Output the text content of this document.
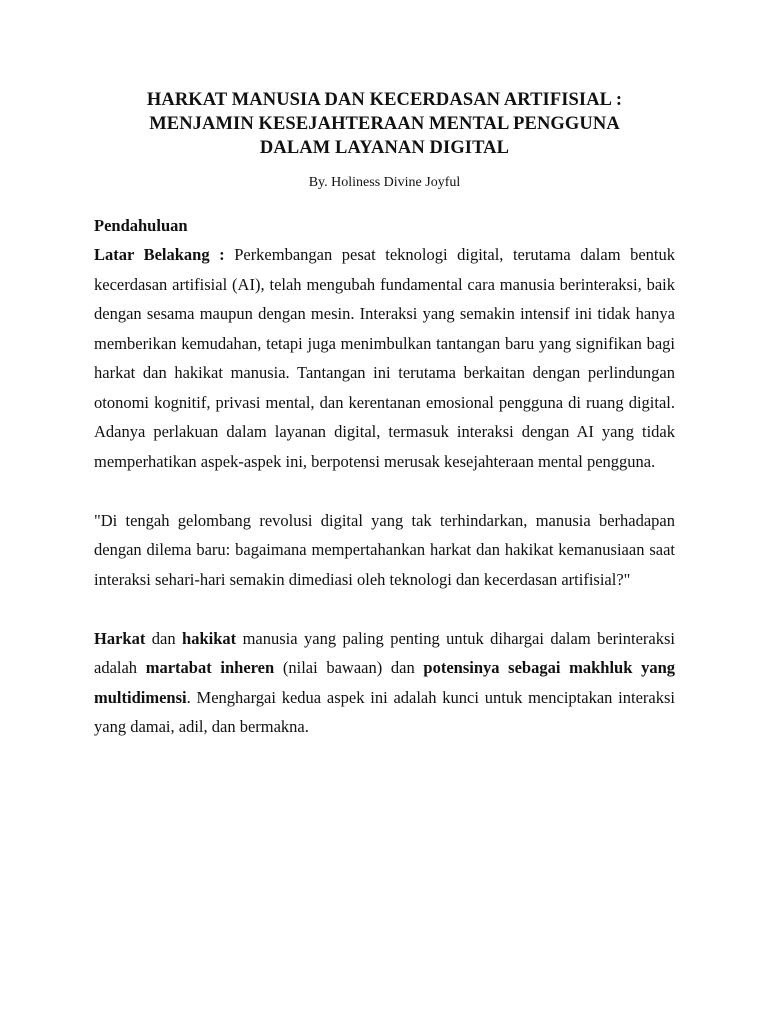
HARKAT MANUSIA DAN KECERDASAN ARTIFISIAL :
MENJAMIN KESEJAHTERAAN MENTAL PENGGUNA
DALAM LAYANAN DIGITAL

By. Holiness Divine Joyful

Pendahuluan

Latar Belakang : Perkembangan pesat teknologi digital, terutama dalam bentuk kecerdasan artifisial (AI), telah mengubah fundamental cara manusia berinteraksi, baik dengan sesama maupun dengan mesin. Interaksi yang semakin intensif ini tidak hanya memberikan kemudahan, tetapi juga menimbulkan tantangan baru yang signifikan bagi harkat dan hakikat manusia. Tantangan ini terutama berkaitan dengan perlindungan otonomi kognitif, privasi mental, dan kerentanan emosional pengguna di ruang digital. Adanya perlakuan dalam layanan digital, termasuk interaksi dengan AI yang tidak memperhatikan aspek-aspek ini, berpotensi merusak kesejahteraan mental pengguna.

"Di tengah gelombang revolusi digital yang tak terhindarkan, manusia berhadapan dengan dilema baru: bagaimana mempertahankan harkat dan hakikat kemanusiaan saat interaksi sehari-hari semakin dimediasi oleh teknologi dan kecerdasan artifisial?"

Harkat dan hakikat manusia yang paling penting untuk dihargai dalam berinteraksi adalah martabat inheren (nilai bawaan) dan potensinya sebagai makhluk yang multidimensi. Menghargai kedua aspek ini adalah kunci untuk menciptakan interaksi yang damai, adil, dan bermakna.
